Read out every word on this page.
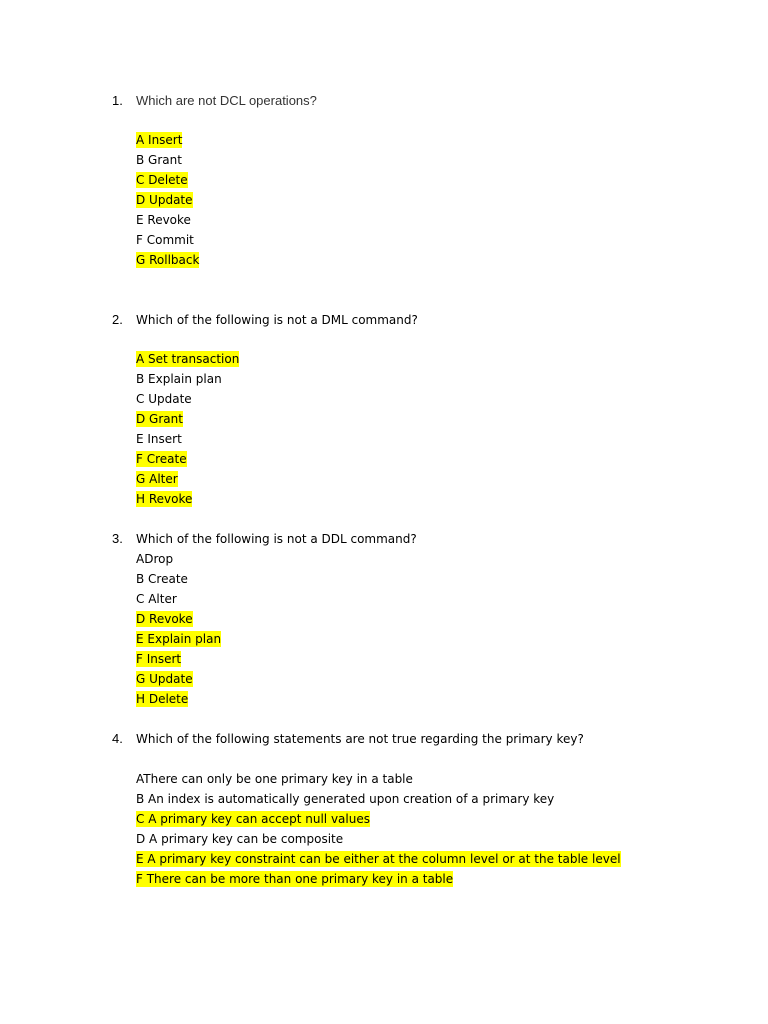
1. Which are not DCL operations?
A Insert
B Grant
C Delete
D Update
E Revoke
F Commit
G Rollback
2. Which of the following is not a DML command?
A Set transaction
B Explain plan
C Update
D Grant
E Insert
F Create
G Alter
H Revoke
3. Which of the following is not a DDL command?
ADrop
B Create
C Alter
D Revoke
E Explain plan
F Insert
G Update
H Delete
4. Which of the following statements are not true regarding the primary key?
AThere can only be one primary key in a table
B An index is automatically generated upon creation of a primary key
C A primary key can accept null values
D A primary key can be composite
E A primary key constraint can be either at the column level or at the table level
F There can be more than one primary key in a table
